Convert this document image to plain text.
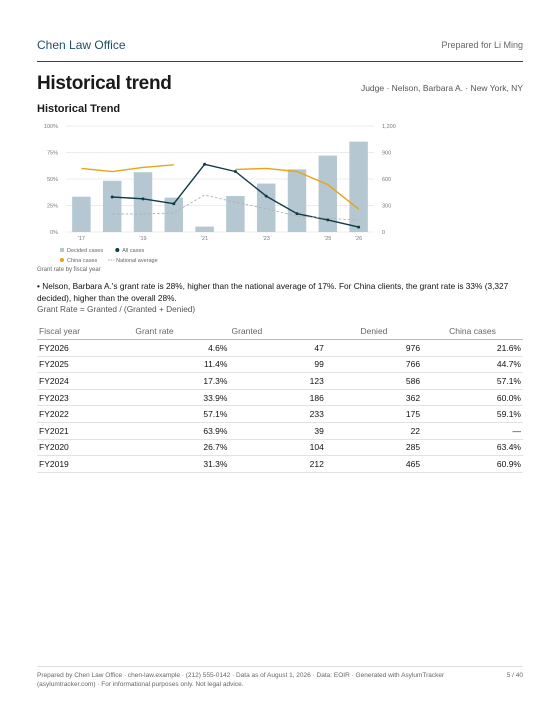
Chen Law Office	Prepared for Li Ming
Historical trend	Judge · Nelson, Barbara A. · New York, NY
Historical Trend
0%
25%
50%
75%
100%
0
300
600
900
1,200
'17	'19	'21	'23	'25	'26
Decided cases	All cases
China cases	National average
Grant rate by fiscal year
• Nelson, Barbara A.'s grant rate is 28%, higher than the national average of 17%. For China clients, the grant rate is 33% (3,327 decided), higher than the overall 28%.
Grant Rate = Granted / (Granted + Denied)
Fiscal year	Grant rate	Granted	Denied	China cases
FY2026	4.6%	47	976	21.6%
FY2025	11.4%	99	766	44.7%
FY2024	17.3%	123	586	57.1%
FY2023	33.9%	186	362	60.0%
FY2022	57.1%	233	175	59.1%
FY2021	63.9%	39	22	—
FY2020	26.7%	104	285	63.4%
FY2019	31.3%	212	465	60.9%
Prepared by Chen Law Office · chen-law.example · (212) 555-0142 · Data as of August 1, 2026 · Data: EOIR · Generated with AsylumTracker (asylumtracker.com) · For informational purposes only. Not legal advice.
5 / 40
